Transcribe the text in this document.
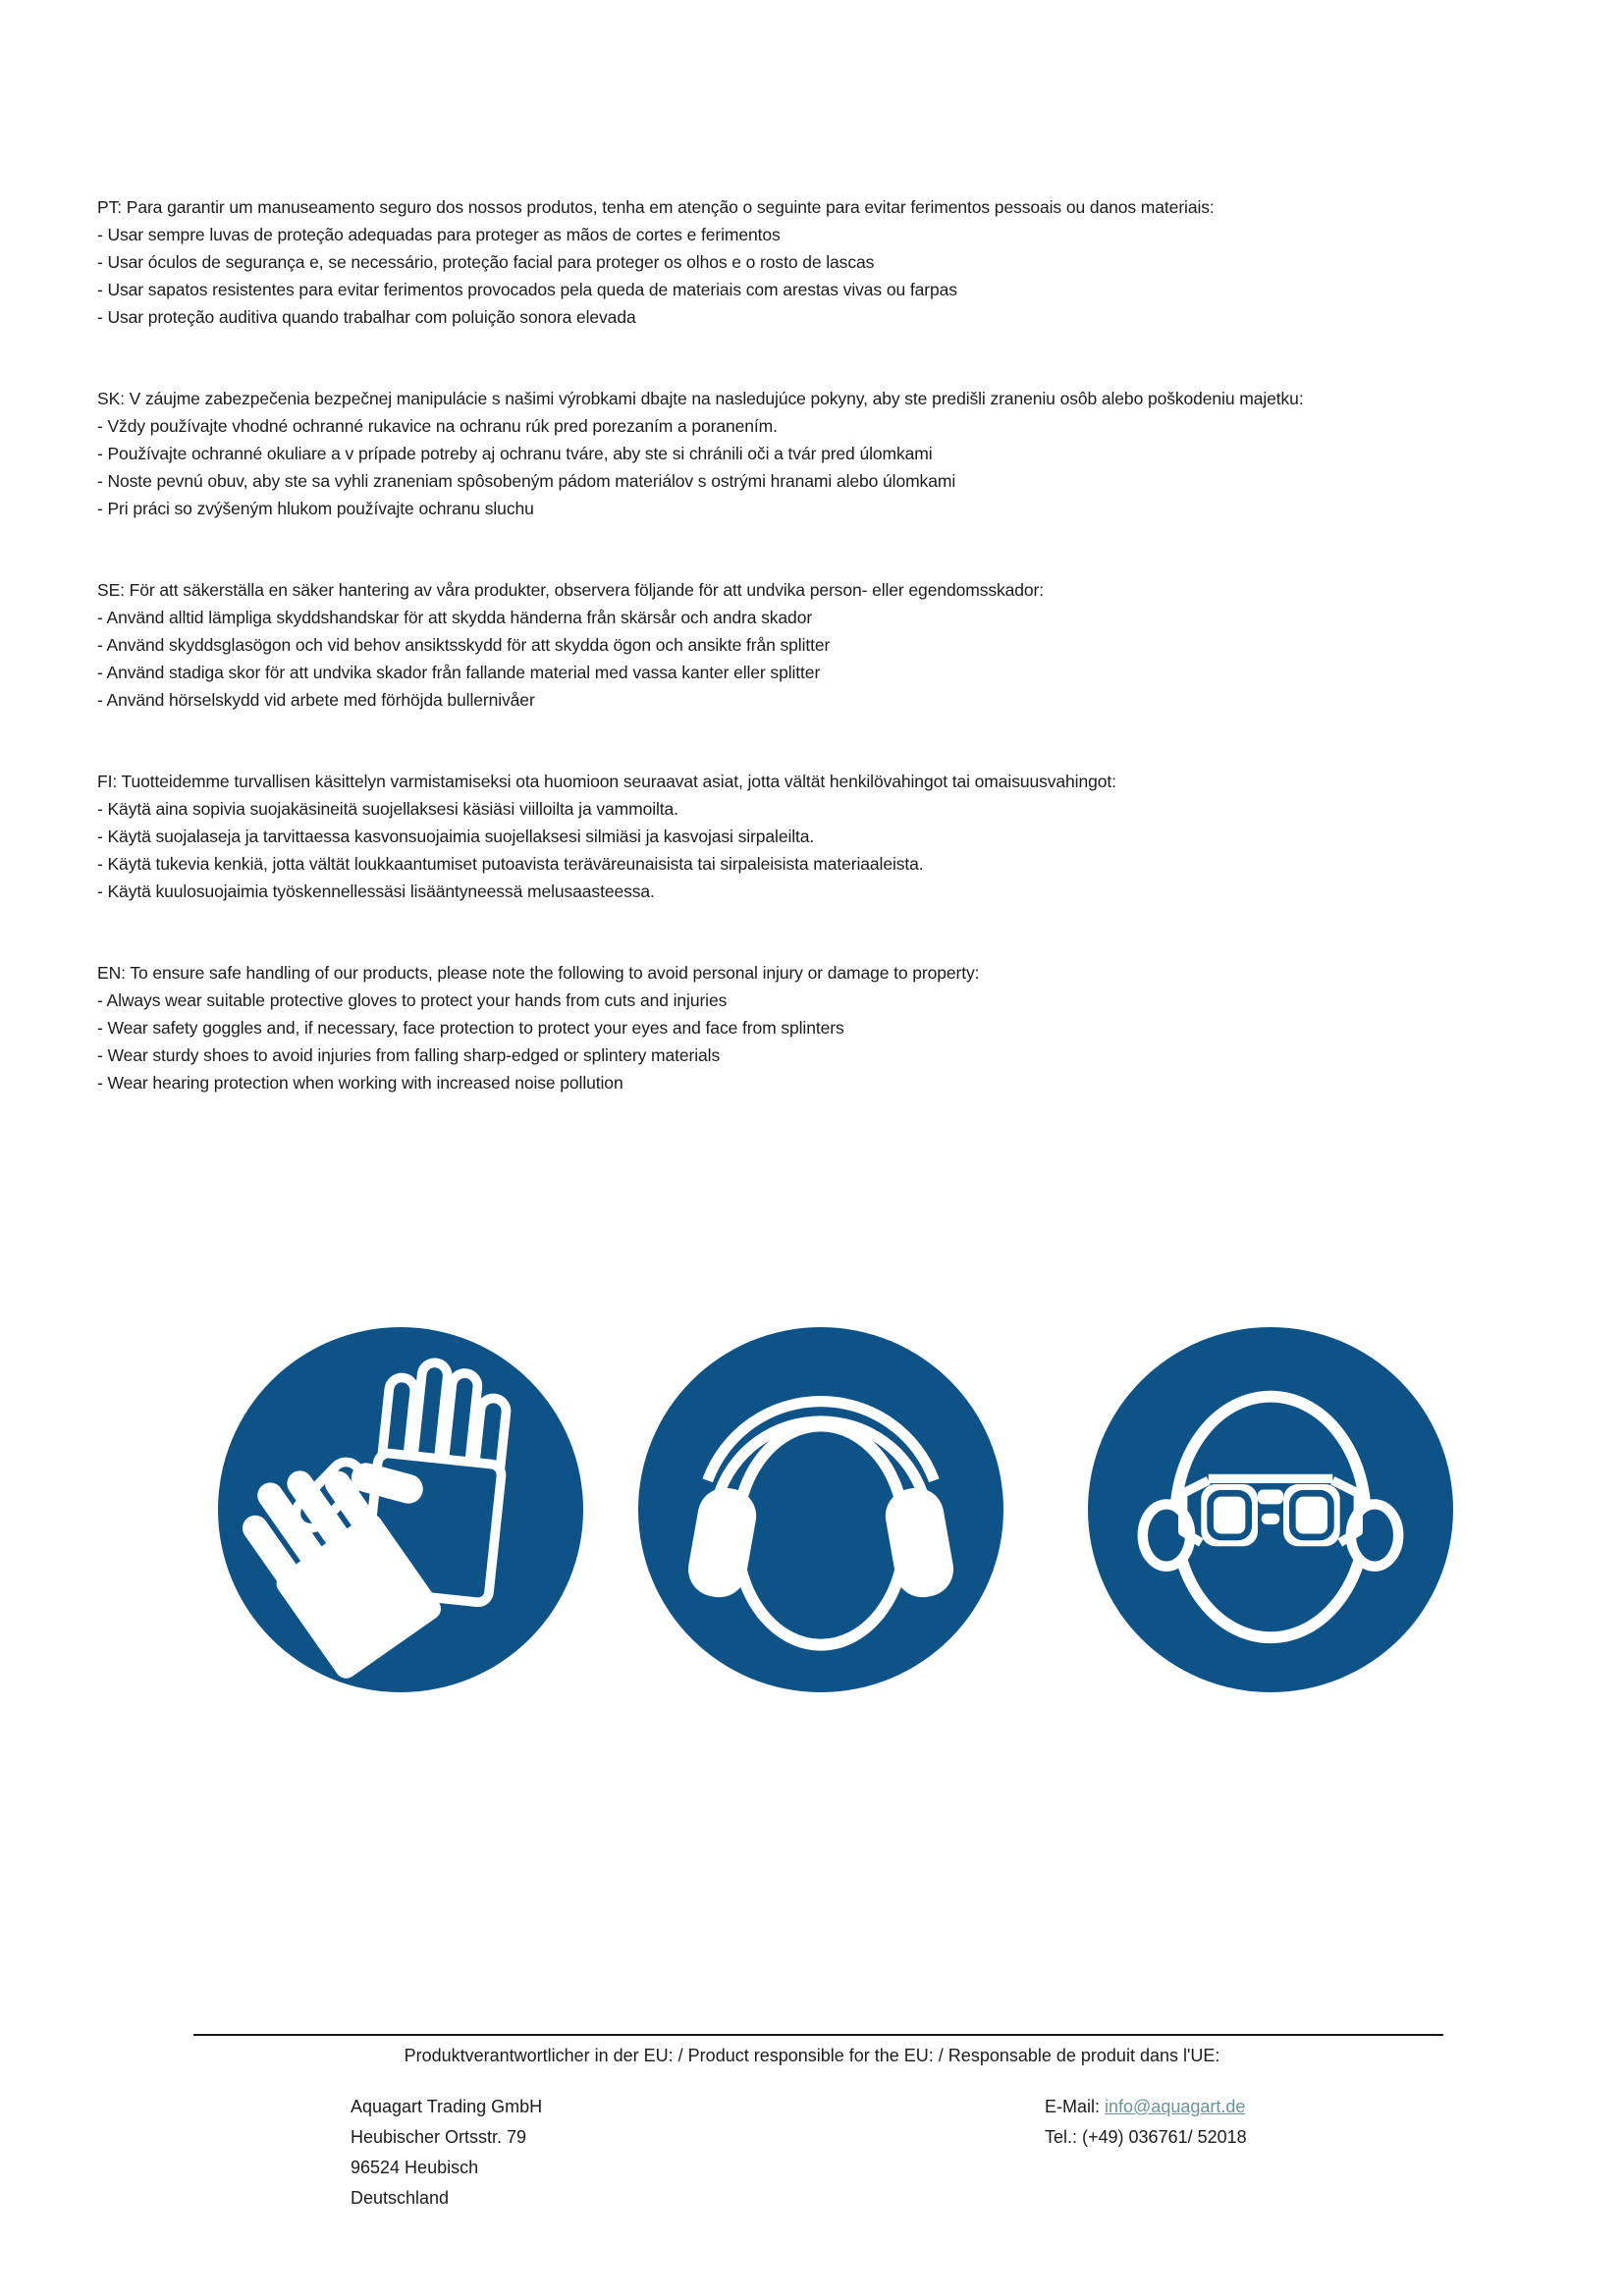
PT: Para garantir um manuseamento seguro dos nossos produtos, tenha em atenção o seguinte para evitar ferimentos pessoais ou danos materiais:
- Usar sempre luvas de proteção adequadas para proteger as mãos de cortes e ferimentos
- Usar óculos de segurança e, se necessário, proteção facial para proteger os olhos e o rosto de lascas
- Usar sapatos resistentes para evitar ferimentos provocados pela queda de materiais com arestas vivas ou farpas
- Usar proteção auditiva quando trabalhar com poluição sonora elevada
SK: V záujme zabezpečenia bezpečnej manipulácie s našimi výrobkami dbajte na nasledujúce pokyny, aby ste predišli zraneniu osôb alebo poškodeniu majetku:
- Vždy používajte vhodné ochranné rukavice na ochranu rúk pred porezaním a poranením.
- Používajte ochranné okuliare a v prípade potreby aj ochranu tváre, aby ste si chránili oči a tvár pred úlomkami
- Noste pevnú obuv, aby ste sa vyhli zraneniam spôsobeným pádom materiálov s ostrými hranami alebo úlomkami
- Pri práci so zvýšeným hlukom používajte ochranu sluchu
SE: För att säkerställa en säker hantering av våra produkter, observera följande för att undvika person- eller egendomsskador:
- Använd alltid lämpliga skyddshandskar för att skydda händerna från skärsår och andra skador
- Använd skyddsglasögon och vid behov ansiktsskydd för att skydda ögon och ansikte från splitter
- Använd stadiga skor för att undvika skador från fallande material med vassa kanter eller splitter
- Använd hörselskydd vid arbete med förhöjda bullernivåer
FI: Tuotteidemme turvallisen käsittelyn varmistamiseksi ota huomioon seuraavat asiat, jotta vältät henkilövahingot tai omaisuusvahingot:
- Käytä aina sopivia suojakäsineitä suojellaksesi käsiäsi viilloilta ja vammoilta.
- Käytä suojalaseja ja tarvittaessa kasvonsuojaimia suojellaksesi silmiäsi ja kasvojasi sirpaleilta.
- Käytä tukevia kenkiä, jotta vältät loukkaantumiset putoavista teräväreunaisista tai sirpaleisista materiaaleista.
- Käytä kuulosuojaimia työskennellessäsi lisääntyneessä melusaasteessa.
EN: To ensure safe handling of our products, please note the following to avoid personal injury or damage to property:
- Always wear suitable protective gloves to protect your hands from cuts and injuries
- Wear safety goggles and, if necessary, face protection to protect your eyes and face from splinters
- Wear sturdy shoes to avoid injuries from falling sharp-edged or splintery materials
- Wear hearing protection when working with increased noise pollution
Produktverantwortlicher in der EU: / Product responsible for the EU: / Responsable de produit dans l'UE:
Aquagart Trading GmbH
Heubischer Ortsstr. 79
96524 Heubisch
Deutschland
E-Mail: info@aquagart.de
Tel.: (+49) 036761/ 52018
